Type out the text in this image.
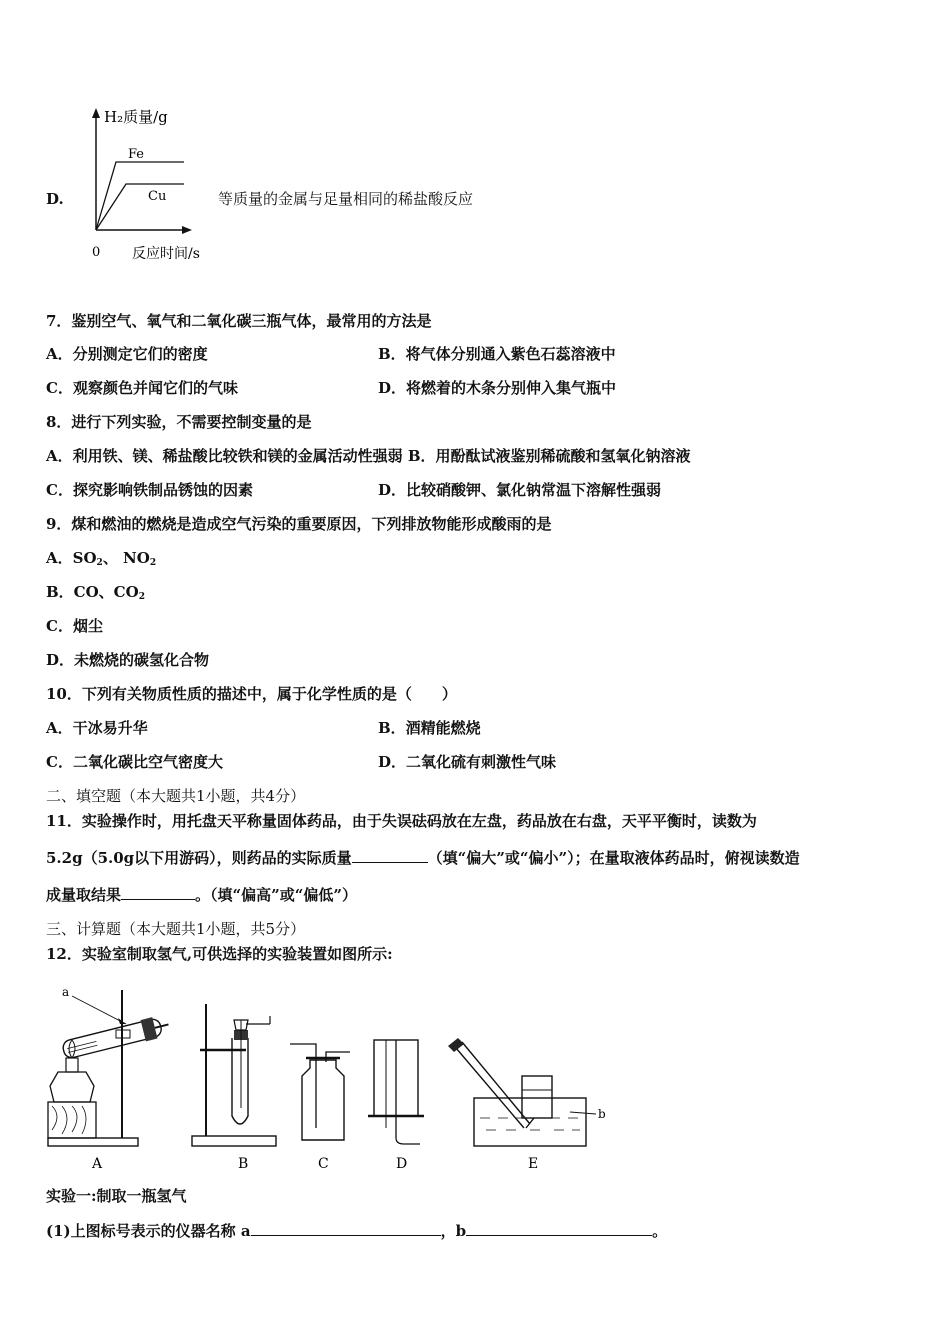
D.
H₂质量/g
Fe
Cu
0 反应时间/s
等质量的金属与足量相同的稀盐酸反应
7．鉴别空气、氧气和二氧化碳三瓶气体，最常用的方法是
A．分别测定它们的密度	B．将气体分别通入紫色石蕊溶液中
C．观察颜色并闻它们的气味	D．将燃着的木条分别伸入集气瓶中
8．进行下列实验，不需要控制变量的是
A．利用铁、镁、稀盐酸比较铁和镁的金属活动性强弱 B．用酚酞试液鉴别稀硫酸和氢氧化钠溶液
C．探究影响铁制品锈蚀的因素	D．比较硝酸钾、氯化钠常温下溶解性强弱
9．煤和燃油的燃烧是造成空气污染的重要原因，下列排放物能形成酸雨的是
A．$SO_2$、 $NO_2$
B．CO、$CO_2$
C．烟尘
D．未燃烧的碳氢化合物
10．下列有关物质性质的描述中，属于化学性质的是（　　）
A．干冰易升华	B．酒精能燃烧
C．二氧化碳比空气密度大	D．二氧化硫有刺激性气味
二、填空题（本大题共1小题，共4分）
11．实验操作时，用托盘天平称量固体药品，由于失误砝码放在左盘，药品放在右盘，天平平衡时，读数为
5.2g（5.0g以下用游码），则药品的实际质量	（填“偏大”或“偏小”）；在量取液体药品时，俯视读数造
成量取结果	。（填“偏高”或“偏低”）
三、计算题（本大题共1小题，共5分）
12．实验室制取氢气,可供选择的实验装置如图所示:
a
b
A	B	C	D	E
实验一:制取一瓶氢气
(1)上图标号表示的仪器名称 a	，b	。
